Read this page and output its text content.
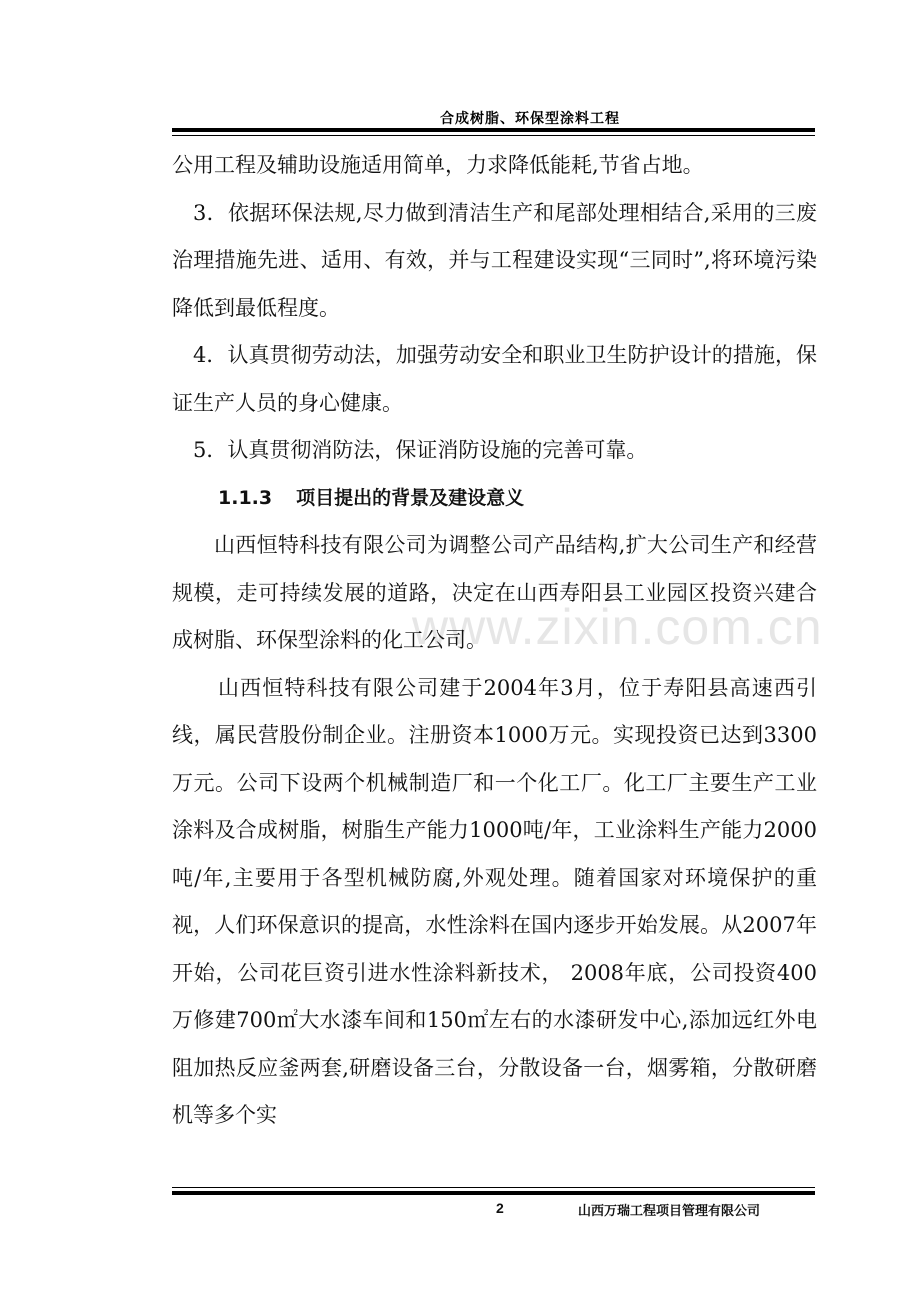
合成树脂、环保型涂料工程
www.zixin.com.cn

公用工程及辅助设施适用简单，力求降低能耗,节省占地。

3．依据环保法规,尽力做到清洁生产和尾部处理相结合,采用的三废治理措施先进、适用、有效，并与工程建设实现“三同时”,将环境污染降低到最低程度。

4．认真贯彻劳动法，加强劳动安全和职业卫生防护设计的措施，保证生产人员的身心健康。

5．认真贯彻消防法，保证消防设施的完善可靠。

1.1.3 项目提出的背景及建设意义

山西恒特科技有限公司为调整公司产品结构,扩大公司生产和经营规模，走可持续发展的道路，决定在山西寿阳县工业园区投资兴建合成树脂、环保型涂料的化工公司。

山西恒特科技有限公司建于2004年3月，位于寿阳县高速西引线，属民营股份制企业。注册资本1000万元。实现投资已达到3300万元。公司下设两个机械制造厂和一个化工厂。化工厂主要生产工业涂料及合成树脂，树脂生产能力1000吨/年，工业涂料生产能力2000吨/年,主要用于各型机械防腐,外观处理。随着国家对环境保护的重视，人们环保意识的提高，水性涂料在国内逐步开始发展。从2007年开始，公司花巨资引进水性涂料新技术， 2008年底，公司投资400万修建700㎡大水漆车间和150㎡左右的水漆研发中心,添加远红外电阻加热反应釜两套,研磨设备三台，分散设备一台，烟雾箱，分散研磨机等多个实

2	山西万瑞工程项目管理有限公司
